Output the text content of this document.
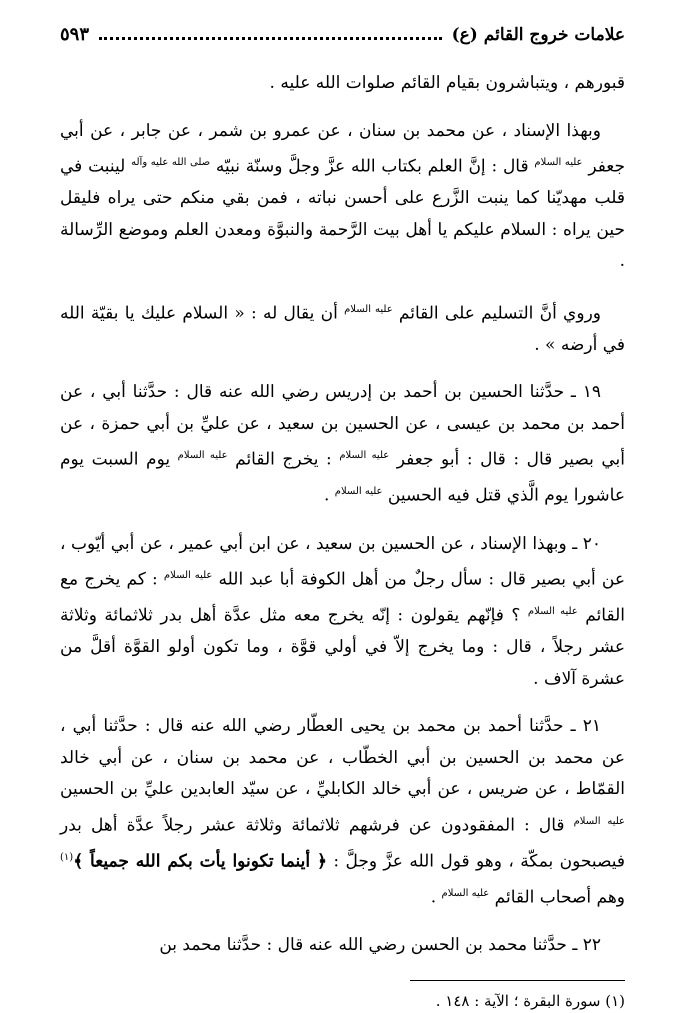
علامات خروج القائم (ع)
٥٩٣

قبورهم ، ويتباشرون بقيام القائم صلوات الله عليه .

وبهذا الإسناد ، عن محمد بن سنان ، عن عمرو بن شمر ، عن جابر ، عن أبي جعفر $^{عليه السلام}$ قال : إنَّ العلم بكتاب الله عزَّ وجلَّ وسنّة نبيّه $^{صلى الله عليه وآله}$ لينبت في قلب مهديّنا كما ينبت الزَّرع على أحسن نباته ، فمن بقي منكم حتى يراه فليقل حين يراه : السلام عليكم يا أهل بيت الرَّحمة والنبوَّة ومعدن العلم وموضع الرِّسالة .

وروي أنَّ التسليم على القائم $^{عليه السلام}$ أن يقال له : « السلام عليك يا بقيّة الله في أرضه » .

١٩ ـ حدَّثنا الحسين بن أحمد بن إدريس رضي الله عنه قال : حدَّثنا أبي ، عن أحمد بن محمد بن عيسى ، عن الحسين بن سعيد ، عن عليِّ بن أبي حمزة ، عن أبي بصير قال : قال : أبو جعفر $^{عليه السلام}$ : يخرج القائم $^{عليه السلام}$ يوم السبت يوم عاشورا يوم الَّذي قتل فيه الحسين $^{عليه السلام}$ .

٢٠ ـ وبهذا الإسناد ، عن الحسين بن سعيد ، عن ابن أبي عمير ، عن أبي أيّوب ، عن أبي بصير قال : سأل رجلٌ من أهل الكوفة أبا عبد الله $^{عليه السلام}$ : كم يخرج مع القائم $^{عليه السلام}$ ؟ فإنّهم يقولون : إنّه يخرج معه مثل عدَّة أهل بدر ثلاثمائة وثلاثة عشر رجلاً ، قال : وما يخرج إلاّ في أولي قوَّة ، وما تكون أولو القوَّة أقلَّ من عشرة آلاف .

٢١ ـ حدَّثنا أحمد بن محمد بن يحيى العطّار رضي الله عنه قال : حدَّثنا أبي ، عن محمد بن الحسين بن أبي الخطّاب ، عن محمد بن سنان ، عن أبي خالد القمّاط ، عن ضريس ، عن أبي خالد الكابليِّ ، عن سيّد العابدين عليِّ بن الحسين $^{عليه السلام}$ قال : المفقودون عن فرشهم ثلاثمائة وثلاثة عشر رجلاً عدَّة أهل بدر فيصبحون بمكّة ، وهو قول الله عزَّ وجلَّ : ﴿ أينما تكونوا يأت بكم الله جميعاً ﴾$^{(١)}$ وهم أصحاب القائم $^{عليه السلام}$ .

٢٢ ـ حدَّثنا محمد بن الحسن رضي الله عنه قال : حدَّثنا محمد بن

(١) سورة البقرة ؛ الآية : ١٤٨ .
